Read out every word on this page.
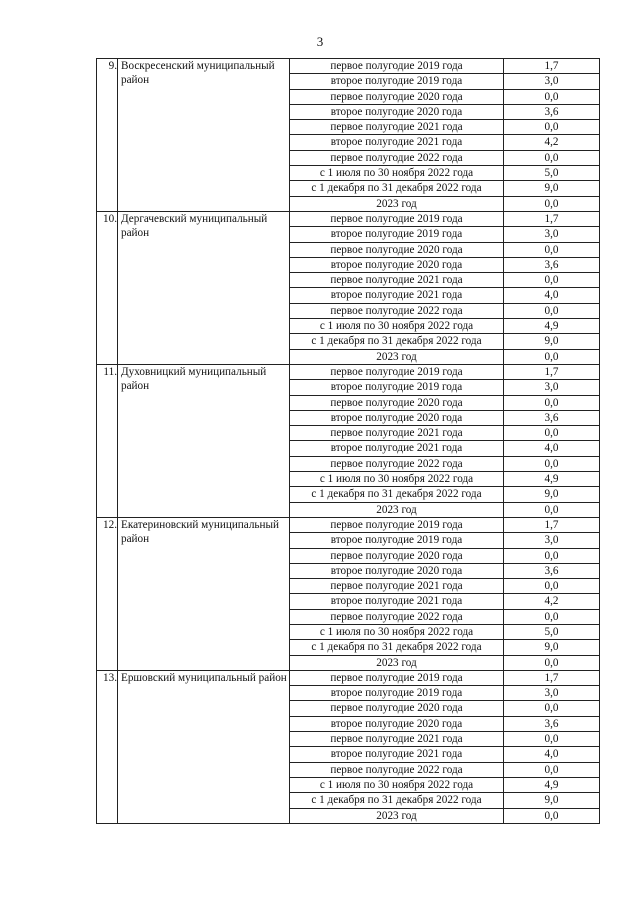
3
9.	Воскресенский муниципальный район	первое полугодие 2019 года	1,7
		второе полугодие 2019 года	3,0
		первое полугодие 2020 года	0,0
		второе полугодие 2020 года	3,6
		первое полугодие 2021 года	0,0
		второе полугодие 2021 года	4,2
		первое полугодие 2022 года	0,0
		с 1 июля по 30 ноября 2022 года	5,0
		с 1 декабря по 31 декабря 2022 года	9,0
		2023 год	0,0
10.	Дергачевский муниципальный район	первое полугодие 2019 года	1,7
		второе полугодие 2019 года	3,0
		первое полугодие 2020 года	0,0
		второе полугодие 2020 года	3,6
		первое полугодие 2021 года	0,0
		второе полугодие 2021 года	4,0
		первое полугодие 2022 года	0,0
		с 1 июля по 30 ноября 2022 года	4,9
		с 1 декабря по 31 декабря 2022 года	9,0
		2023 год	0,0
11.	Духовницкий муниципальный район	первое полугодие 2019 года	1,7
		второе полугодие 2019 года	3,0
		первое полугодие 2020 года	0,0
		второе полугодие 2020 года	3,6
		первое полугодие 2021 года	0,0
		второе полугодие 2021 года	4,0
		первое полугодие 2022 года	0,0
		с 1 июля по 30 ноября 2022 года	4,9
		с 1 декабря по 31 декабря 2022 года	9,0
		2023 год	0,0
12.	Екатериновский муниципальный район	первое полугодие 2019 года	1,7
		второе полугодие 2019 года	3,0
		первое полугодие 2020 года	0,0
		второе полугодие 2020 года	3,6
		первое полугодие 2021 года	0,0
		второе полугодие 2021 года	4,2
		первое полугодие 2022 года	0,0
		с 1 июля по 30 ноября 2022 года	5,0
		с 1 декабря по 31 декабря 2022 года	9,0
		2023 год	0,0
13.	Ершовский муниципальный район	первое полугодие 2019 года	1,7
		второе полугодие 2019 года	3,0
		первое полугодие 2020 года	0,0
		второе полугодие 2020 года	3,6
		первое полугодие 2021 года	0,0
		второе полугодие 2021 года	4,0
		первое полугодие 2022 года	0,0
		с 1 июля по 30 ноября 2022 года	4,9
		с 1 декабря по 31 декабря 2022 года	9,0
		2023 год	0,0
